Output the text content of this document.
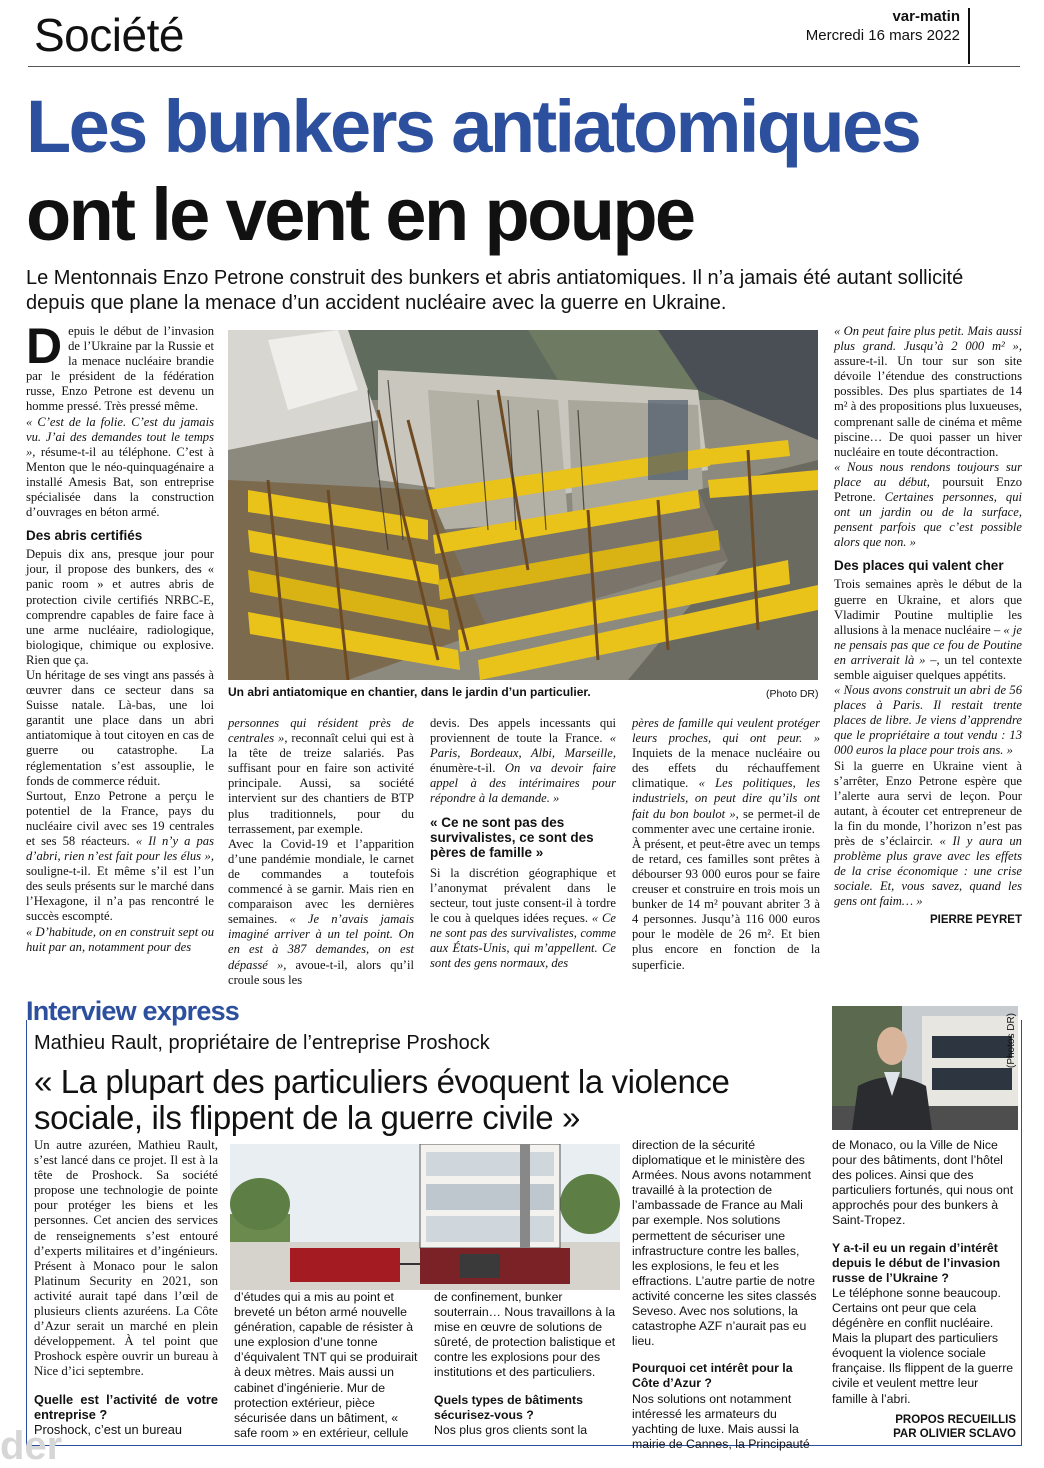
Société	var-matin
Mercredi 16 mars 2022
Les bunkers antiatomiques
ont le vent en poupe
Le Mentonnais Enzo Petrone construit des bunkers et abris antiatomiques. Il n’a jamais été autant sollicité depuis que plane la menace d’un accident nucléaire avec la guerre en Ukraine.

Depuis le début de l’invasion de l’Ukraine par la Russie et la menace nucléaire brandie par le président de la fédération russe, Enzo Petrone est devenu un homme pressé. Très pressé même.

« C’est de la folie. C’est du jamais vu. J’ai des demandes tout le temps », résume-t-il au téléphone. C’est à Menton que le néo-quinquagénaire a installé Amesis Bat, son entreprise spécialisée dans la construction d’ouvrages en béton armé.

Des abris certifiés

Depuis dix ans, presque jour pour jour, il propose des bunkers, des « panic room » et autres abris de protection civile certifiés NRBC-E, comprendre capables de faire face à une arme nucléaire, radiologique, biologique, chimique ou explosive. Rien que ça.

Un héritage de ses vingt ans passés à œuvrer dans ce secteur dans sa Suisse natale. Là-bas, une loi garantit une place dans un abri antiatomique à tout citoyen en cas de guerre ou catastrophe. La réglementation s’est assouplie, le fonds de commerce réduit.

Surtout, Enzo Petrone a perçu le potentiel de la France, pays du nucléaire civil avec ses 19 centrales et ses 58 réacteurs. « Il n’y a pas d’abri, rien n’est fait pour les élus », souligne-t-il. Et même s’il est l’un des seuls présents sur le marché dans l’Hexagone, il n’a pas rencontré le succès escompté.

« D’habitude, on en construit sept ou huit par an, notamment pour des

Un abri antiatomique en chantier, dans le jardin d’un particulier.	(Photo DR)

personnes qui résident près de centrales », reconnaît celui qui est à la tête de treize salariés. Pas suffisant pour en faire son activité principale. Aussi, sa société intervient sur des chantiers de BTP plus traditionnels, pour du terrassement, par exemple.

Avec la Covid-19 et l’apparition d’une pandémie mondiale, le carnet de commandes a toutefois commencé à se garnir. Mais rien en comparaison avec les dernières semaines. « Je n’avais jamais imaginé arriver à un tel point. On en est à 387 demandes, on est dépassé », avoue-t-il, alors qu’il croule sous les

devis. Des appels incessants qui proviennent de toute la France. « Paris, Bordeaux, Albi, Marseille, énumère-t-il. On va devoir faire appel à des intérimaires pour répondre à la demande. »

« Ce ne sont pas des survivalistes, ce sont des pères de famille »

Si la discrétion géographique et l’anonymat prévalent dans le secteur, tout juste consent-il à tordre le cou à quelques idées reçues. « Ce ne sont pas des survivalistes, comme aux États-Unis, qui m’appellent. Ce sont des gens normaux, des

pères de famille qui veulent protéger leurs proches, qui ont peur. » Inquiets de la menace nucléaire ou des effets du réchauffement climatique. « Les politiques, les industriels, on peut dire qu’ils ont fait du bon boulot », se permet-il de commenter avec une certaine ironie.

À présent, et peut-être avec un temps de retard, ces familles sont prêtes à débourser 93 000 euros pour se faire creuser et construire en trois mois un bunker de 14 m² pouvant abriter 3 à 4 personnes. Jusqu’à 116 000 euros pour le modèle de 26 m². Et bien plus encore en fonction de la superficie.

« On peut faire plus petit. Mais aussi plus grand. Jusqu’à 2 000 m² », assure-t-il. Un tour sur son site dévoile l’étendue des constructions possibles. Des plus spartiates de 14 m² à des propositions plus luxueuses, comprenant salle de cinéma et même piscine… De quoi passer un hiver nucléaire en toute décontraction.

« Nous nous rendons toujours sur place au début, poursuit Enzo Petrone. Certaines personnes, qui ont un jardin ou de la surface, pensent parfois que c’est possible alors que non. »

Des places qui valent cher

Trois semaines après le début de la guerre en Ukraine, et alors que Vladimir Poutine multiplie les allusions à la menace nucléaire – « je ne pensais pas que ce fou de Poutine en arriverait là » –, un tel contexte semble aiguiser quelques appétits.

« Nous avons construit un abri de 56 places à Paris. Il restait trente places de libre. Je viens d’apprendre que le propriétaire a tout vendu : 13 000 euros la place pour trois ans. »

Si la guerre en Ukraine vient à s’arrêter, Enzo Petrone espère que l’alerte aura servi de leçon. Pour autant, à écouter cet entrepreneur de la fin du monde, l’horizon n’est pas près de s’éclaircir. « Il y aura un problème plus grave avec les effets de la crise économique : une crise sociale. Et, vous savez, quand les gens ont faim… »

PIERRE PEYRET
Interview express
Mathieu Rault, propriétaire de l’entreprise Proshock
« La plupart des particuliers évoquent la violence sociale, ils flippent de la guerre civile »
(Photos DR)

Un autre azuréen, Mathieu Rault, s’est lancé dans ce projet. Il est à la tête de Proshock. Sa société propose une technologie de pointe pour protéger les biens et les personnes. Cet ancien des services de renseignements s’est entouré d’experts militaires et d’ingénieurs. Présent à Monaco pour le salon Platinum Security en 2021, son activité aurait tapé dans l’œil de plusieurs clients azuréens. La Côte d’Azur serait un marché en plein développement. À tel point que Proshock espère ouvrir un bureau à Nice d’ici septembre.

Quelle est l’activité de votre entreprise ?

Proshock, c’est un bureau

d’études qui a mis au point et breveté un béton armé nouvelle génération, capable de résister à une explosion d’une tonne d’équivalent TNT qui se produirait à deux mètres. Mais aussi un cabinet d’ingénierie. Mur de protection extérieur, pièce sécurisée dans un bâtiment, « safe room » en extérieur, cellule

de confinement, bunker souterrain… Nous travaillons à la mise en œuvre de solutions de sûreté, de protection balistique et contre les explosions pour des institutions et des particuliers.

Quels types de bâtiments sécurisez-vous ?

Nos plus gros clients sont la

direction de la sécurité diplomatique et le ministère des Armées. Nous avons notamment travaillé à la protection de l’ambassade de France au Mali par exemple. Nos solutions permettent de sécuriser une infrastructure contre les balles, les explosions, le feu et les effractions. L’autre partie de notre activité concerne les sites classés Seveso. Avec nos solutions, la catastrophe AZF n’aurait pas eu lieu.

Pourquoi cet intérêt pour la Côte d’Azur ?

Nos solutions ont notamment intéressé les armateurs du yachting de luxe. Mais aussi la mairie de Cannes, la Principauté

de Monaco, ou la Ville de Nice pour des bâtiments, dont l’hôtel des polices. Ainsi que des particuliers fortunés, qui nous ont approchés pour des bunkers à Saint-Tropez.

Y a-t-il eu un regain d’intérêt depuis le début de l’invasion russe de l’Ukraine ?

Le téléphone sonne beaucoup. Certains ont peur que cela dégénère en conflit nucléaire. Mais la plupart des particuliers évoquent la violence sociale française. Ils flippent de la guerre civile et veulent mettre leur famille à l’abri.

PROPOS RECUEILLIS
PAR OLIVIER SCLAVO
der
